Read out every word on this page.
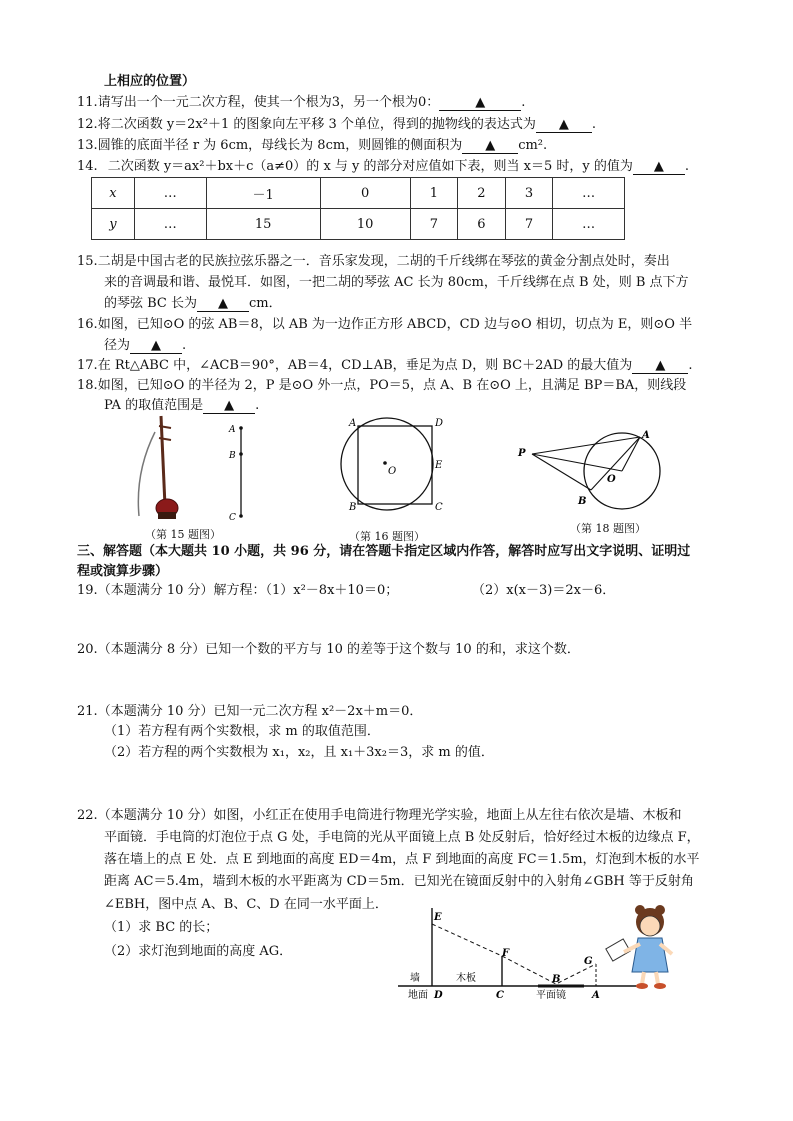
上相应的位置）
11.请写出一个一元二次方程，使其一个根为3，另一个根为0：	▲	.
12.将二次函数 y＝2x²＋1 的图象向左平移 3 个单位，得到的抛物线的表达式为 ▲ .
13.圆锥的底面半径 r 为 6cm，母线长为 8cm，则圆锥的侧面积为 ▲ cm².
14. 二次函数 y＝ax²＋bx＋c（a≠0）的 x 与 y 的部分对应值如下表，则当 x＝5 时，y 的值为 ▲ .
x	…	－1	0	1	2	3	…
y	…	15	10	7	6	7	…
15.二胡是中国古老的民族拉弦乐器之一．音乐家发现，二胡的千斤线绑在琴弦的黄金分割点处时，奏出
来的音调最和谐、最悦耳．如图，一把二胡的琴弦 AC 长为 80cm，千斤线绑在点 B 处，则 B 点下方
的琴弦 BC 长为 ▲ cm．
16.如图，已知⊙O 的弦 AB＝8，以 AB 为一边作正方形 ABCD，CD 边与⊙O 相切，切点为 E，则⊙O 半
径为 ▲ .
17.在 Rt△ABC 中，∠ACB＝90°，AB＝4，CD⊥AB，垂足为点 D，则 BC＋2AD 的最大值为 ▲ .
18.如图，已知⊙O 的半径为 2，P 是⊙O 外一点，PO＝5，点 A、B 在⊙O 上，且满足 BP＝BA，则线段
PA 的取值范围是 ▲ .
A
B
C
（第 15 题图）
A	D
E
C
B
O
（第 16 题图）
P
A
O
B
（第 18 题图）
三、解答题（本大题共 10 小题，共 96 分，请在答题卡指定区域内作答，解答时应写出文字说明、证明过
程或演算步骤）
19.（本题满分 10 分）解方程：（1）x²－8x＋10＝0；	（2）x(x－3)＝2x－6．
20.（本题满分 8 分）已知一个数的平方与 10 的差等于这个数与 10 的和，求这个数．
21.（本题满分 10 分）已知一元二次方程 x²－2x＋m＝0．
（1）若方程有两个实数根，求 m 的取值范围．
（2）若方程的两个实数根为 x₁，x₂，且 x₁＋3x₂＝3，求 m 的值．
22.（本题满分 10 分）如图，小红正在使用手电筒进行物理光学实验，地面上从左往右依次是墙、木板和
平面镜．手电筒的灯泡位于点 G 处，手电筒的光从平面镜上点 B 处反射后，恰好经过木板的边缘点 F，
落在墙上的点 E 处．点 E 到地面的高度 ED＝4m，点 F 到地面的高度 FC＝1.5m，灯泡到木板的水平
距离 AC＝5.4m，墙到木板的水平距离为 CD＝5m．已知光在镜面反射中的入射角∠GBH 等于反射角
∠EBH，图中点 A、B、C、D 在同一水平面上．
（1）求 BC 的长；
（2）求灯泡到地面的高度 AG．
E
F
G
B
A
C
D
墙	木板
地面	平面镜
